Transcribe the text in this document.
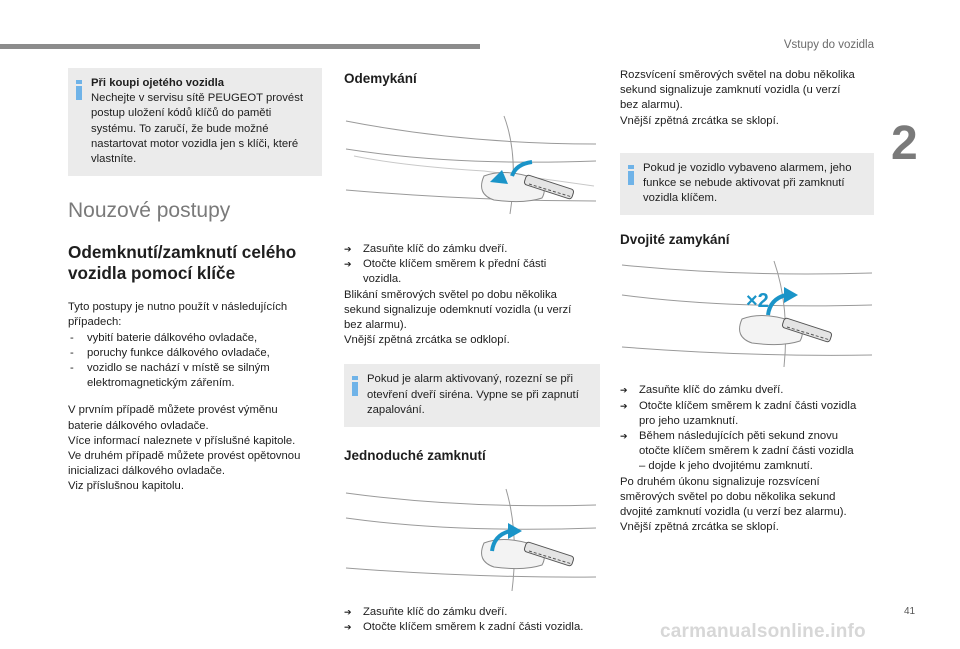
Vstupy do vozidla
2
Při koupi ojetého vozidla
Nechejte v servisu sítě PEUGEOT provést
postup uložení kódů klíčů do paměti
systému. To zaručí, že bude možné
nastartovat motor vozidla jen s klíči, které
vlastníte.
Nouzové postupy
Odemknutí/zamknutí celého
vozidla pomocí klíče
Tyto postupy je nutno použít v následujících
případech:
- vybití baterie dálkového ovladače,
- poruchy funkce dálkového ovladače,
- vozidlo se nachází v místě se silným
elektromagnetickým zářením.
V prvním případě můžete provést výměnu
baterie dálkového ovladače.
Více informací naleznete v příslušné kapitole.
Ve druhém případě můžete provést opětovnou
inicializaci dálkového ovladače.
Viz příslušnou kapitolu.
Odemykání
➔ Zasuňte klíč do zámku dveří.
➔ Otočte klíčem směrem k přední části
vozidla.
Blikání směrových světel po dobu několika
sekund signalizuje odemknutí vozidla (u verzí
bez alarmu).
Vnější zpětná zrcátka se odklopí.
Pokud je alarm aktivovaný, rozezní se při
otevření dveří siréna. Vypne se při zapnutí
zapalování.
Jednoduché zamknutí
➔ Zasuňte klíč do zámku dveří.
➔ Otočte klíčem směrem k zadní části vozidla.
Rozsvícení směrových světel na dobu několika
sekund signalizuje zamknutí vozidla (u verzí
bez alarmu).
Vnější zpětná zrcátka se sklopí.
Pokud je vozidlo vybaveno alarmem, jeho
funkce se nebude aktivovat při zamknutí
vozidla klíčem.
Dvojité zamykání
×2
➔ Zasuňte klíč do zámku dveří.
➔ Otočte klíčem směrem k zadní části vozidla
pro jeho uzamknutí.
➔ Během následujících pěti sekund znovu
otočte klíčem směrem k zadní části vozidla
– dojde k jeho dvojitému zamknutí.
Po druhém úkonu signalizuje rozsvícení
směrových světel po dobu několika sekund
dvojité zamknutí vozidla (u verzí bez alarmu).
Vnější zpětná zrcátka se sklopí.
41
carmanualsonline.info
